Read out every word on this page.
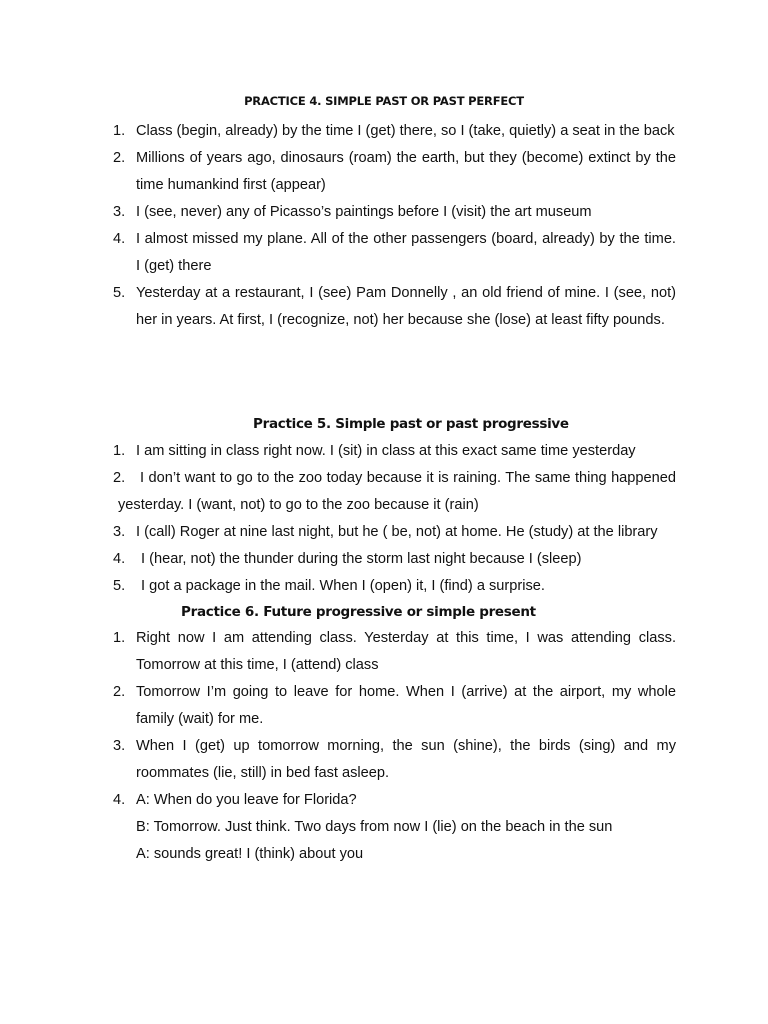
PRACTICE 4. SIMPLE PAST OR PAST PERFECT
1. Class (begin, already) by the time I (get) there, so I (take, quietly) a seat in the back
2. Millions of years ago, dinosaurs (roam) the earth, but they (become) extinct by the time humankind first (appear)
3. I (see, never) any of Picasso’s paintings before I (visit) the art museum
4. I almost missed my plane. All of the other passengers (board, already) by the time. I (get) there
5. Yesterday at a restaurant, I (see) Pam Donnelly , an old friend of mine. I (see, not) her in years. At first, I (recognize, not) her because she (lose) at least fifty pounds.
Practice 5. Simple past or past progressive
1. I am sitting in class right now. I (sit) in class at this exact same time yesterday
2.	I don’t want to go to the zoo today because it is raining. The same thing happened yesterday. I (want, not) to go to the zoo because it (rain)
3. I (call) Roger at nine last night, but he ( be, not) at home. He (study) at the library
4.	I (hear, not) the thunder during the storm last night because I (sleep)
5.	I got a package in the mail. When I (open) it, I (find) a surprise.
Practice 6. Future progressive or simple present
1. Right now I am attending class. Yesterday at this time, I was attending class. Tomorrow at this time, I (attend) class
2. Tomorrow I’m going to leave for home. When I (arrive) at the airport, my whole family (wait) for me.
3. When I (get) up tomorrow morning, the sun (shine), the birds (sing) and my roommates (lie, still) in bed fast asleep.
4. A: When do you leave for Florida?
B: Tomorrow. Just think. Two days from now I (lie) on the beach in the sun
A: sounds great! I (think) about you
